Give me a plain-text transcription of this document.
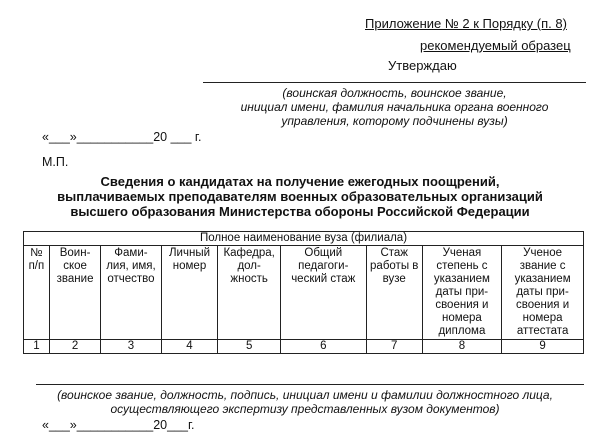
Приложение № 2 к Порядку (п. 8)
рекомендуемый образец
Утверждаю
(воинская должность, воинское звание,
инициал имени, фамилия начальника органа военного
управления, которому подчинены вузы)
«___»___________20 ___ г.
М.П.
Сведения о кандидатах на получение ежегодных поощрений,
выплачиваемых преподавателям военных образовательных организаций
высшего образования Министерства обороны Российской Федерации
Полное наименование вуза (филиала)								
№ п/п	Воин-ское звание	Фами-лия, имя, отчество	Личный номер	Кафедра, дол-жность	Общий педагоги-ческий стаж	Стаж работы в вузе	Ученая степень с указанием даты при-своения и номера диплома	Ученое звание с указанием даты при-своения и номера аттестата
1	2	3	4	5	6	7	8	9
(воинское звание, должность, подпись, инициал имени и фамилии должностного лица,
осуществляющего экспертизу представленных вузом документов)
«___»___________20___г.
